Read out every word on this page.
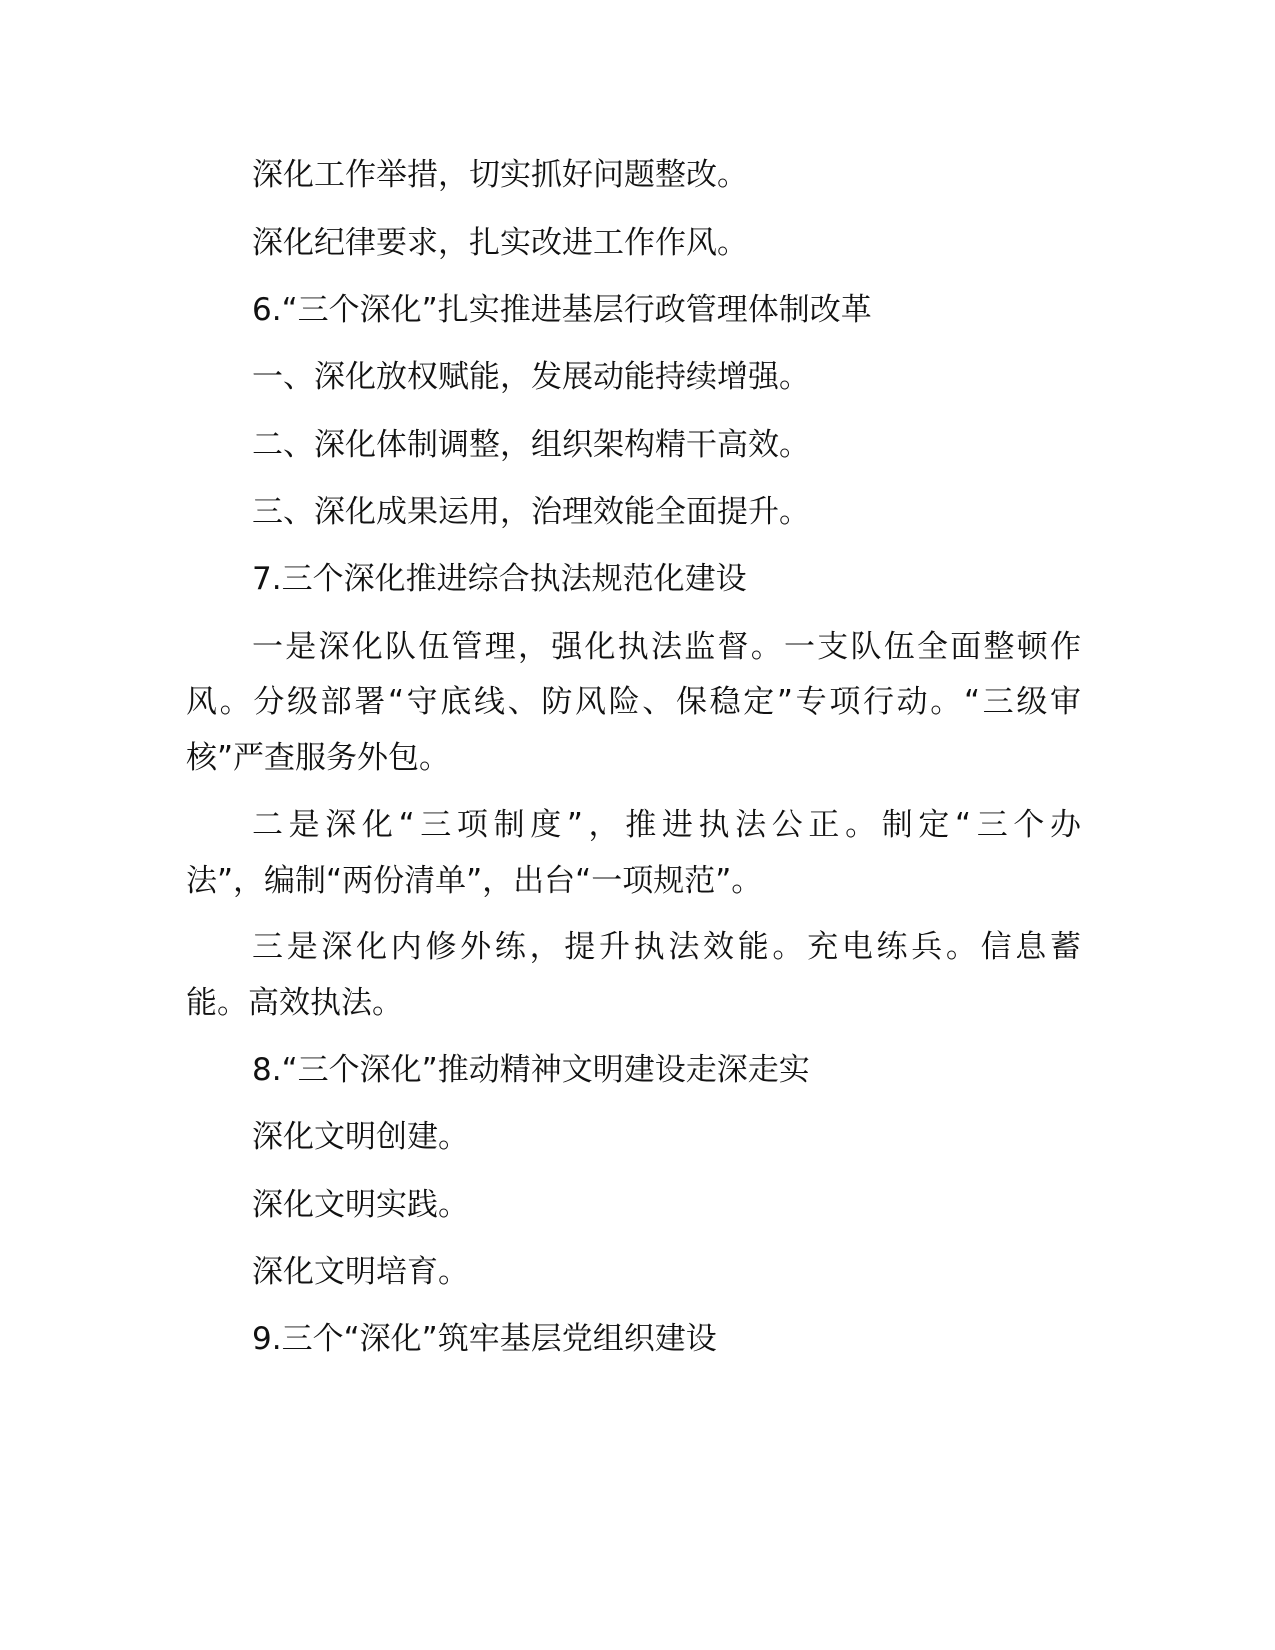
深化工作举措，切实抓好问题整改。
深化纪律要求，扎实改进工作作风。
6.“三个深化”扎实推进基层行政管理体制改革
一、深化放权赋能，发展动能持续增强。
二、深化体制调整，组织架构精干高效。
三、深化成果运用，治理效能全面提升。
7.三个深化推进综合执法规范化建设
一是深化队伍管理，强化执法监督。一支队伍全面整顿作
风。分级部署“守底线、防风险、保稳定”专项行动。“三级审
核”严查服务外包。
二是深化“三项制度”，推进执法公正。制定“三个办
法”，编制“两份清单”，出台“一项规范”。
三是深化内修外练，提升执法效能。充电练兵。信息蓄
能。高效执法。
8.“三个深化”推动精神文明建设走深走实
深化文明创建。
深化文明实践。
深化文明培育。
9.三个“深化”筑牢基层党组织建设
